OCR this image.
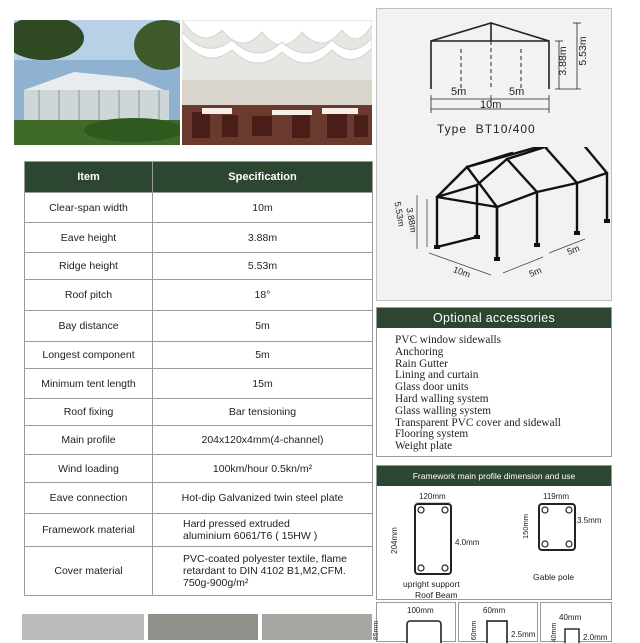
5m	5m
10m
3.88m 5.53m
Type  BT10/400
5.53m
3.88m
10m	5m
5m
Item	Specification
Clear-span width	10m
Eave height	3.88m
Ridge height	5.53m
Roof pitch	18°
Bay distance	5m
Longest component	5m
Minimum tent length	15m
Roof fixing	Bar tensioning
Main profile	204x120x4mm(4-channel)
Wind loading	100km/hour 0.5kn/m²
Eave connection	Hot-dip Galvanized twin steel plate
Framework material	Hard pressed extruded
aluminium 6061/T6 ( 15HW )
Cover material	PVC-coated polyester textile, flame
retardant to DIN 4102 B1,M2,CFM.
750g-900g/m²
Optional accessories
PVC window sidewalls
Anchoring
Rain Gutter
Lining and curtain
Glass door units
Hard walling system
Glass walling system
Transparent PVC cover and sidewall
Flooring system
Weight plate
Framework main profile dimension and use
120mm
204mm	4.0mm
upright support
Roof Beam
119mm
150mm	3.5mm
Gable pole
100mm
85mm
60mm
60mm	2.5mm
40mm
40mm	2.0mm
